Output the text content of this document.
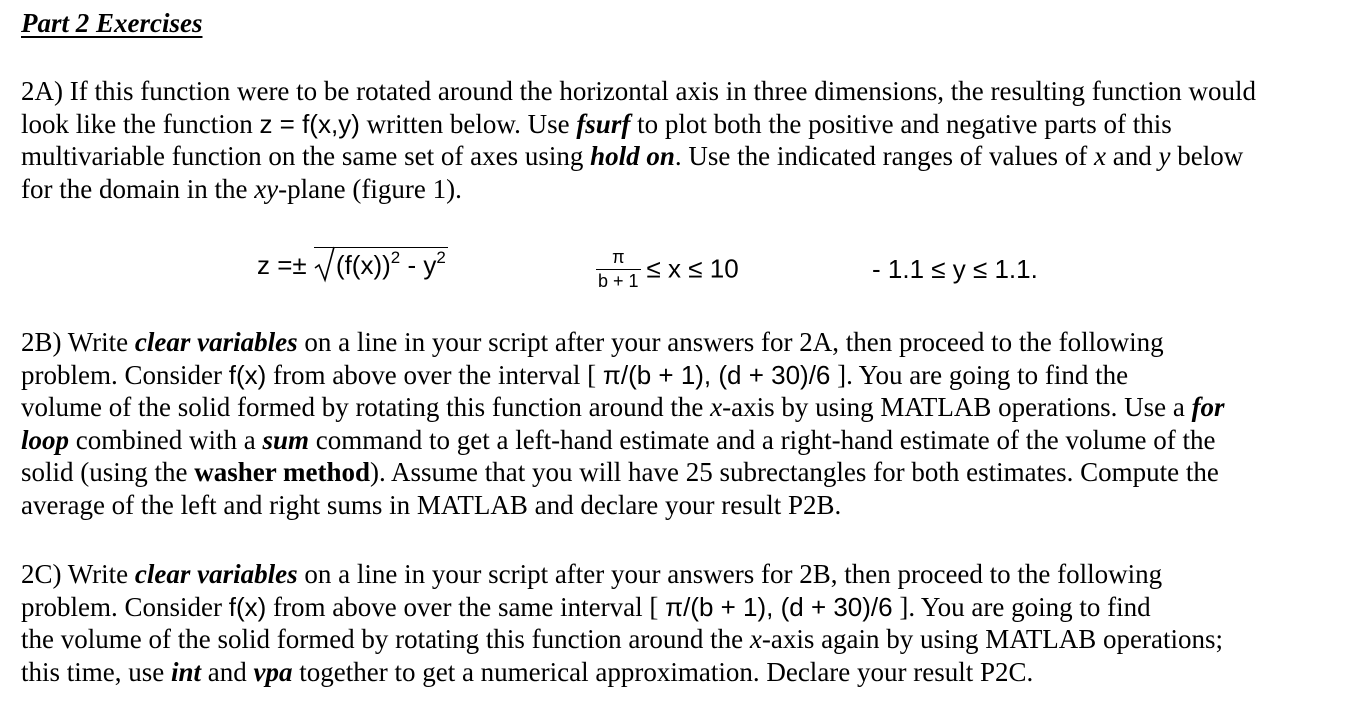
Part 2 Exercises
2A) If this function were to be rotated around the horizontal axis in three dimensions, the resulting function would
look like the function z = f(x,y) written below. Use fsurf to plot both the positive and negative parts of this
multivariable function on the same set of axes using hold on. Use the indicated ranges of values of x and y below
for the domain in the xy-plane (figure 1).
z =±
$(f(x))^2 - y^2$	$\frac{\pi}{b + 1} \le x \le 10$	- 1.1 ≤ y ≤ 1.1.
2B) Write clear variables on a line in your script after your answers for 2A, then proceed to the following
problem. Consider f(x) from above over the interval [ π/(b + 1), (d + 30)/6 ]. You are going to find the
volume of the solid formed by rotating this function around the x-axis by using MATLAB operations. Use a for
loop combined with a sum command to get a left-hand estimate and a right-hand estimate of the volume of the
solid (using the washer method). Assume that you will have 25 subrectangles for both estimates. Compute the
average of the left and right sums in MATLAB and declare your result P2B.
2C) Write clear variables on a line in your script after your answers for 2B, then proceed to the following
problem. Consider f(x) from above over the same interval [ π/(b + 1), (d + 30)/6 ]. You are going to find
the volume of the solid formed by rotating this function around the x-axis again by using MATLAB operations;
this time, use int and vpa together to get a numerical approximation. Declare your result P2C.
